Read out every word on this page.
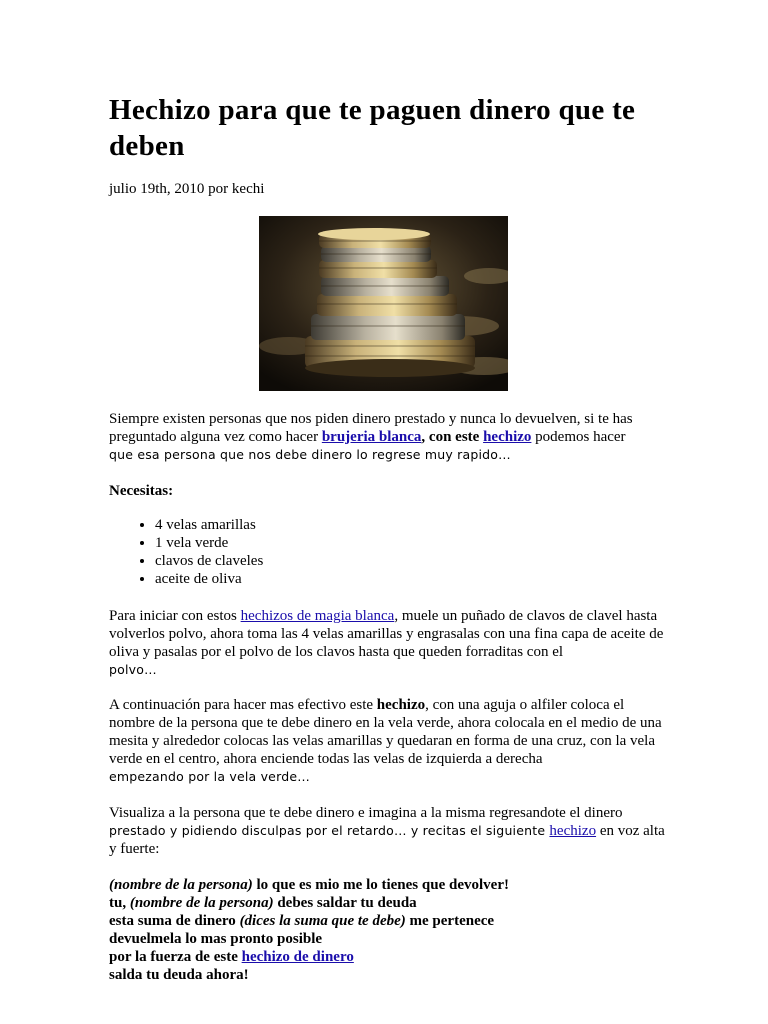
Hechizo para que te paguen dinero que te deben
julio 19th, 2010 por kechi

Siempre existen personas que nos piden dinero prestado y nunca lo devuelven, si te has preguntado alguna vez como hacer brujeria blanca, con este hechizo podemos hacer
que esa persona que nos debe dinero lo regrese muy rapido…

Necesitas:

• 4 velas amarillas
• 1 vela verde
• clavos de claveles
• aceite de oliva

Para iniciar con estos hechizos de magia blanca, muele un puñado de clavos de clavel hasta volverlos polvo, ahora toma las 4 velas amarillas y engrasalas con una fina capa de aceite de oliva y pasalas por el polvo de los clavos hasta que queden forraditas con el
polvo…

A continuación para hacer mas efectivo este hechizo, con una aguja o alfiler coloca el nombre de la persona que te debe dinero en la vela verde, ahora colocala en el medio de una mesita y alrededor colocas las velas amarillas y quedaran en forma de una cruz, con la vela verde en el centro, ahora enciende todas las velas de izquierda a derecha
empezando por la vela verde…

Visualiza a la persona que te debe dinero e imagina a la misma regresandote el dinero
prestado y pidiendo disculpas por el retardo… y recitas el siguiente hechizo en voz alta y fuerte:

(nombre de la persona) lo que es mio me lo tienes que devolver!
tu, (nombre de la persona) debes saldar tu deuda
esta suma de dinero (dices la suma que te debe) me pertenece
devuelmela lo mas pronto posible
por la fuerza de este hechizo de dinero
salda tu deuda ahora!
